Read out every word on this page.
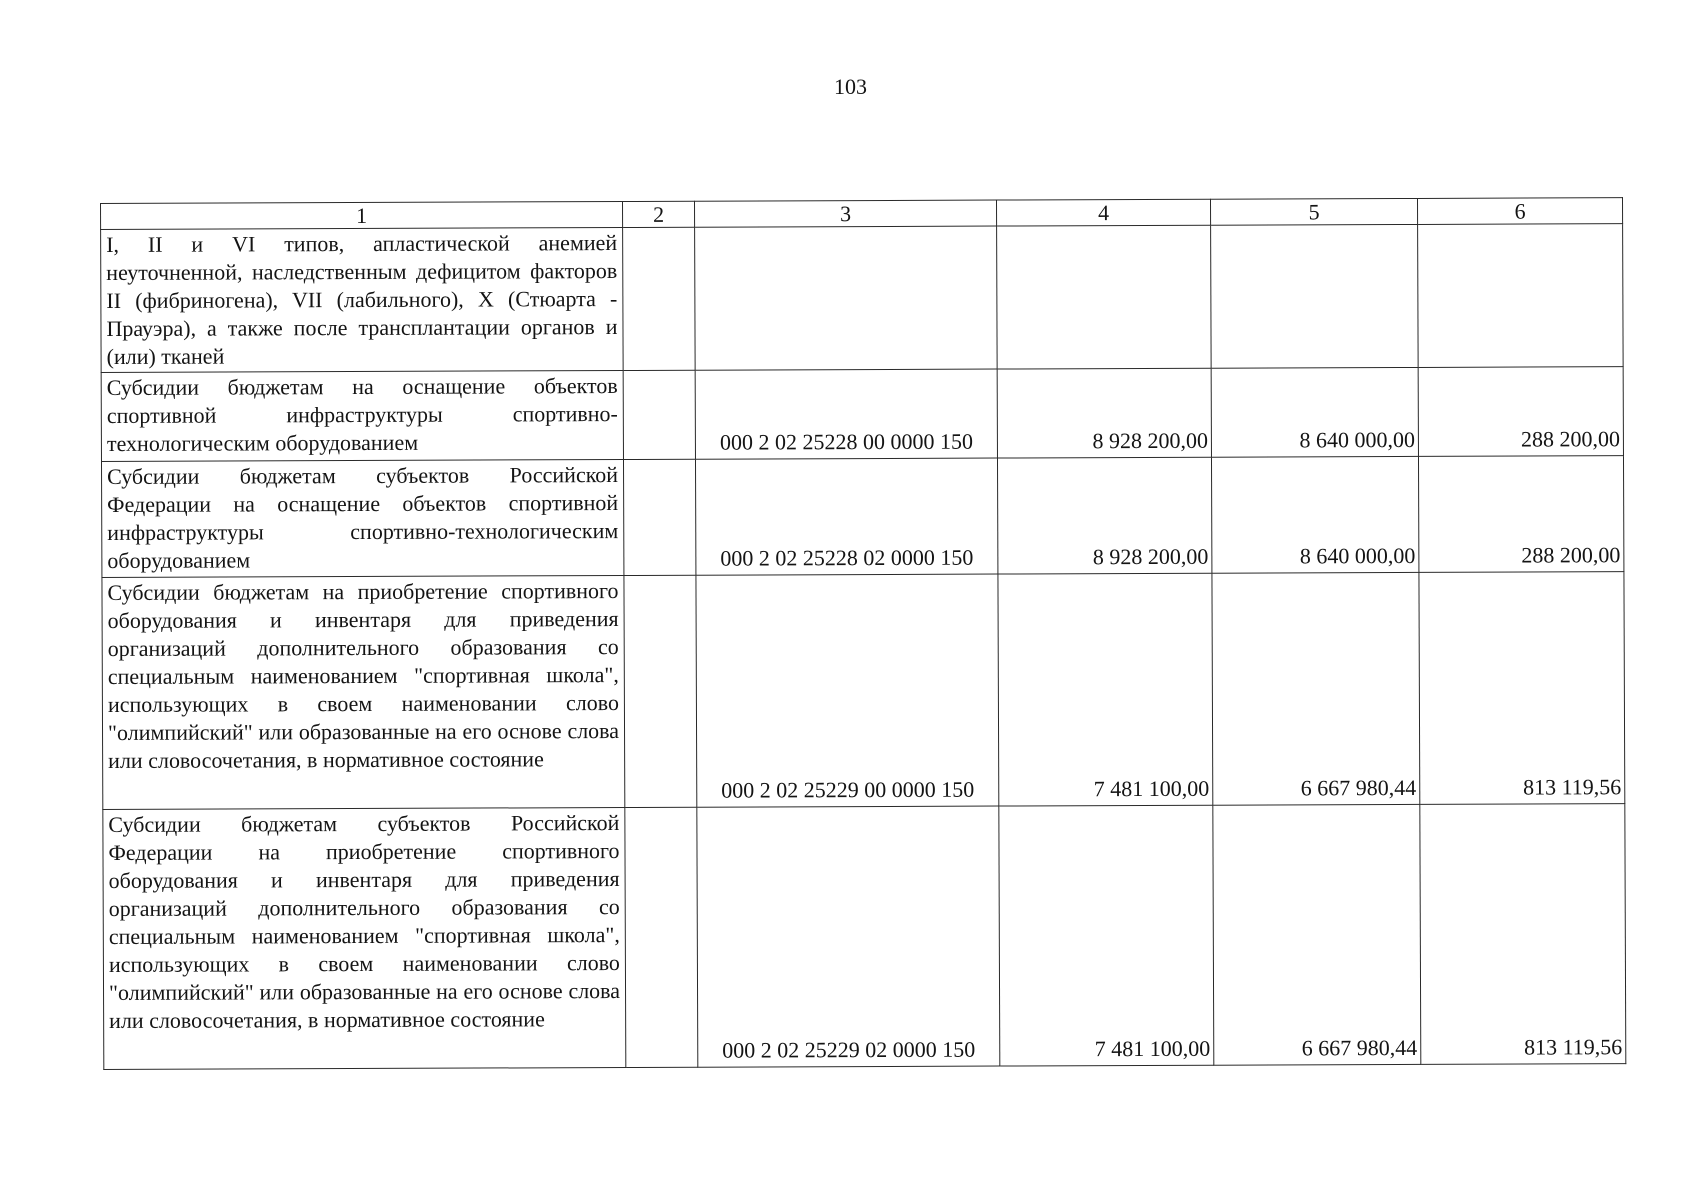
103
1	2	3	4	5	6
I, II и VI типов, апластической анемией неуточненной, наследственным дефицитом факторов II (фибриногена), VII (лабильного), X (Стюарта - Прауэра), а также после трансплантации органов и (или) тканей					
Субсидии бюджетам на оснащение объектов спортивной инфраструктуры спортивно-технологическим оборудованием		000 2 02 25228 00 0000 150	8 928 200,00	8 640 000,00	288 200,00
Субсидии бюджетам субъектов Российской Федерации на оснащение объектов спортивной инфраструктуры спортивно-технологическим оборудованием		000 2 02 25228 02 0000 150	8 928 200,00	8 640 000,00	288 200,00
Субсидии бюджетам на приобретение спортивного оборудования и инвентаря для приведения организаций дополнительного образования со специальным наименованием "спортивная школа", использующих в своем наименовании слово "олимпийский" или образованные на его основе слова или словосочетания, в нормативное состояние		000 2 02 25229 00 0000 150	7 481 100,00	6 667 980,44	813 119,56
Субсидии бюджетам субъектов Российской Федерации на приобретение спортивного оборудования и инвентаря для приведения организаций дополнительного образования со специальным наименованием "спортивная школа", использующих в своем наименовании слово "олимпийский" или образованные на его основе слова или словосочетания, в нормативное состояние		000 2 02 25229 02 0000 150	7 481 100,00	6 667 980,44	813 119,56
